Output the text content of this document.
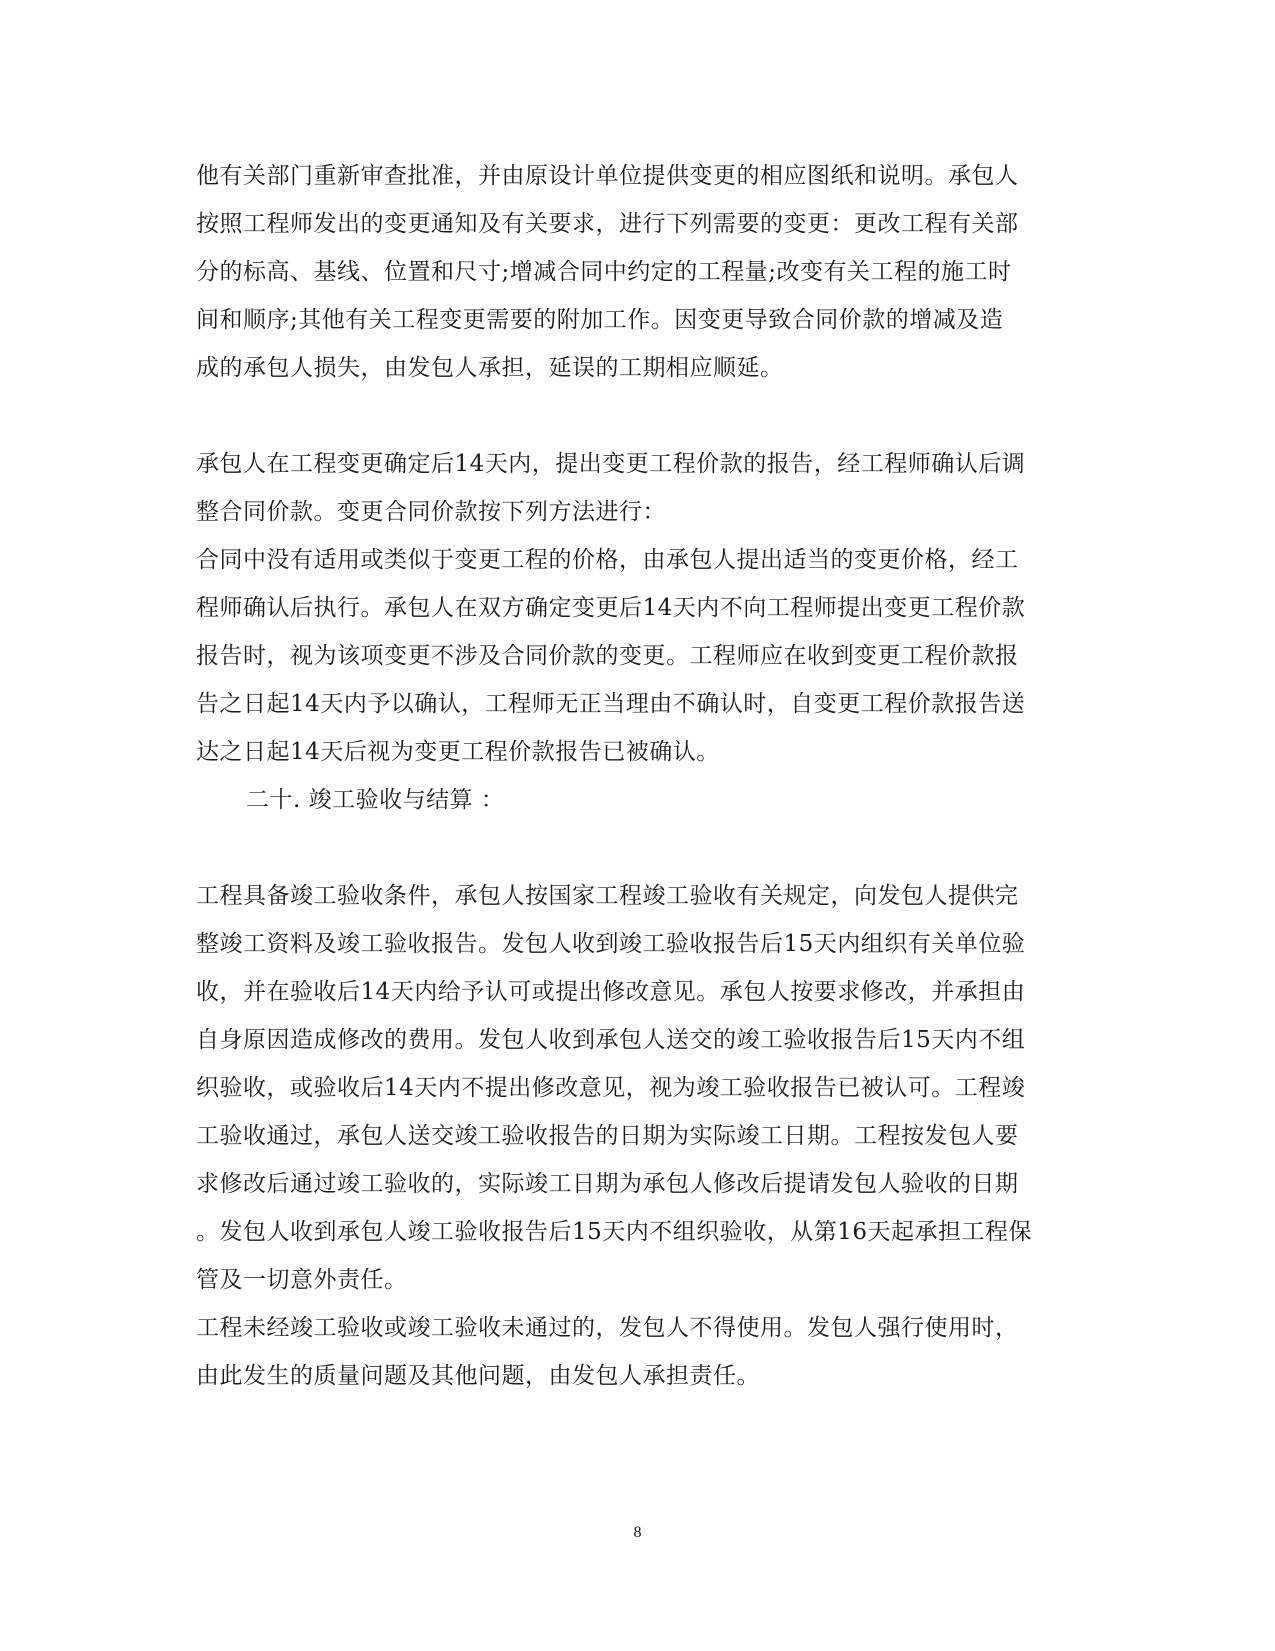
他有关部门重新审查批准，并由原设计单位提供变更的相应图纸和说明。承包人
按照工程师发出的变更通知及有关要求，进行下列需要的变更：更改工程有关部
分的标高、基线、位置和尺寸;增减合同中约定的工程量;改变有关工程的施工时
间和顺序;其他有关工程变更需要的附加工作。因变更导致合同价款的增减及造
成的承包人损失，由发包人承担，延误的工期相应顺延。
承包人在工程变更确定后14天内，提出变更工程价款的报告，经工程师确认后调
整合同价款。变更合同价款按下列方法进行：
合同中没有适用或类似于变更工程的价格，由承包人提出适当的变更价格，经工
程师确认后执行。承包人在双方确定变更后14天内不向工程师提出变更工程价款
报告时，视为该项变更不涉及合同价款的变更。工程师应在收到变更工程价款报
告之日起14天内予以确认，工程师无正当理由不确认时，自变更工程价款报告送
达之日起14天后视为变更工程价款报告已被确认。
二十. 竣工验收与结算 ：
工程具备竣工验收条件，承包人按国家工程竣工验收有关规定，向发包人提供完
整竣工资料及竣工验收报告。发包人收到竣工验收报告后15天内组织有关单位验
收，并在验收后14天内给予认可或提出修改意见。承包人按要求修改，并承担由
自身原因造成修改的费用。发包人收到承包人送交的竣工验收报告后15天内不组
织验收，或验收后14天内不提出修改意见，视为竣工验收报告已被认可。工程竣
工验收通过，承包人送交竣工验收报告的日期为实际竣工日期。工程按发包人要
求修改后通过竣工验收的，实际竣工日期为承包人修改后提请发包人验收的日期
。发包人收到承包人竣工验收报告后15天内不组织验收，从第16天起承担工程保
管及一切意外责任。
工程未经竣工验收或竣工验收未通过的，发包人不得使用。发包人强行使用时，
由此发生的质量问题及其他问题，由发包人承担责任。
8
